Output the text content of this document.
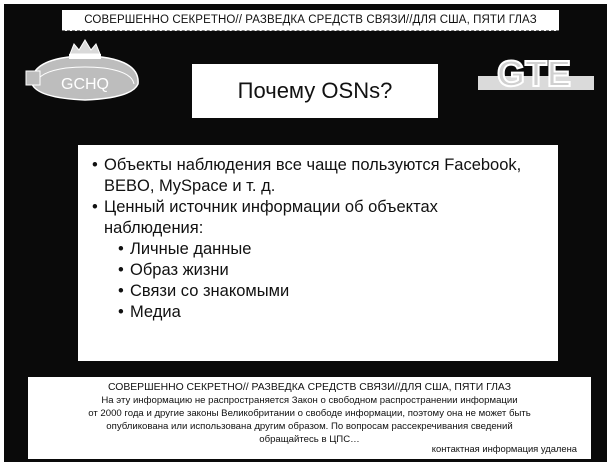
СОВЕРШЕННО СЕКРЕТНО// РАЗВЕДКА СРЕДСТВ СВЯЗИ//ДЛЯ США, ПЯТИ ГЛАЗ
GCHQ	GTE
Почему OSNs?
• Объекты наблюдения все чаще пользуются Facebook,
BEBO, MySpace и т. д.
• Ценный источник информации об объектах
наблюдения:
• Личные данные
• Образ жизни
• Связи со знакомыми
• Медиа
СОВЕРШЕННО СЕКРЕТНО// РАЗВЕДКА СРЕДСТВ СВЯЗИ//ДЛЯ США, ПЯТИ ГЛАЗ
На эту информацию не распространяется Закон о свободном распространении информации
от 2000 года и другие законы Великобритании о свободе информации, поэтому она не может быть
опубликована или использована другим образом. По вопросам рассекречивания сведений
обращайтесь в ЦПС…
контактная информация удалена
